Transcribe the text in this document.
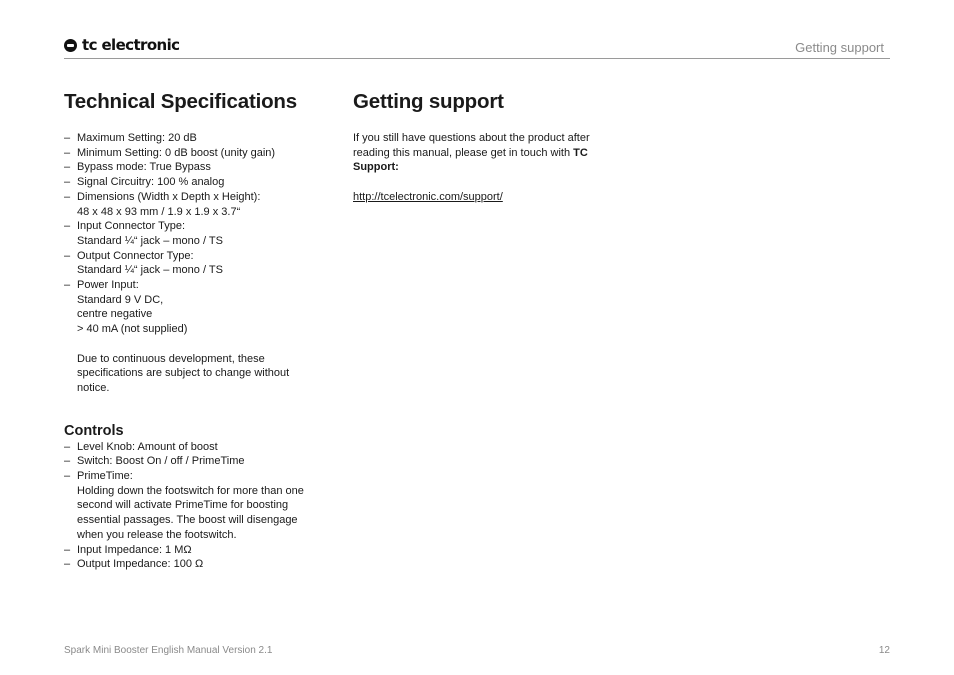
tc electronic	Getting support
Technical Specifications
– Maximum Setting: 20 dB
– Minimum Setting: 0 dB boost (unity gain)
– Bypass mode: True Bypass
– Signal Circuitry: 100 % analog
– Dimensions (Width x Depth x Height):
48 x 48 x 93 mm / 1.9 x 1.9 x 3.7“
– Input Connector Type:
Standard ¼“ jack – mono / TS
– Output Connector Type:
Standard ¼“ jack – mono / TS
– Power Input:
Standard 9 V DC,
centre negative
> 40 mA (not supplied)
Due to continuous development, these specifications are subject to change without notice.
Controls
– Level Knob: Amount of boost
– Switch: Boost On / off / PrimeTime
– PrimeTime:
Holding down the footswitch for more than one second will activate PrimeTime for boosting essential passages. The boost will disengage when you release the footswitch.
– Input Impedance: 1 MΩ
– Output Impedance: 100 Ω
Getting support
If you still have questions about the product after reading this manual, please get in touch with TC Support:
http://tcelectronic.com/support/
Spark Mini Booster English Manual Version 2.1	12
